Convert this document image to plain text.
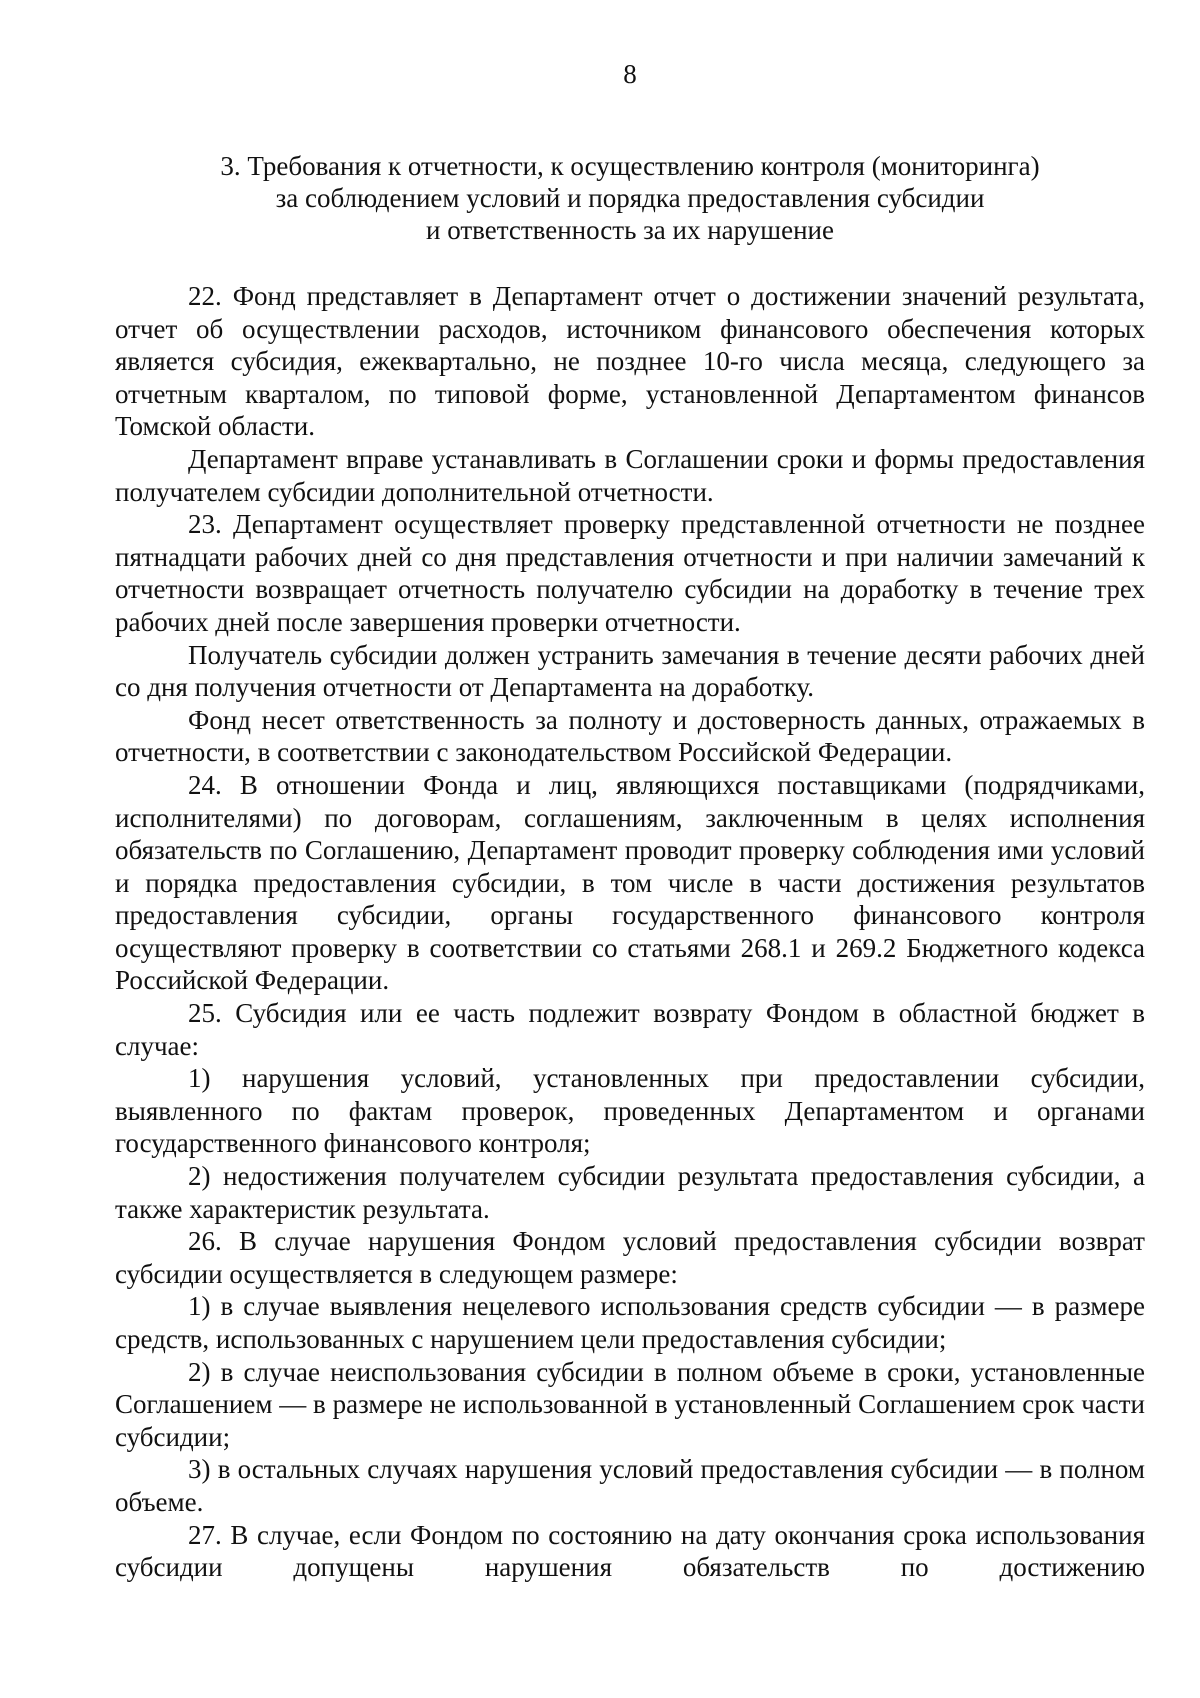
8
3. Требования к отчетности, к осуществлению контроля (мониторинга)
за соблюдением условий и порядка предоставления субсидии
и ответственность за их нарушение

22. Фонд представляет в Департамент отчет о достижении значений результата, отчет об осуществлении расходов, источником финансового обеспечения которых является субсидия, ежеквартально, не позднее 10-го числа месяца, следующего за отчетным кварталом, по типовой форме, установленной Департаментом финансов Томской области.

Департамент вправе устанавливать в Соглашении сроки и формы предоставления получателем субсидии дополнительной отчетности.

23. Департамент осуществляет проверку представленной отчетности не позднее пятнадцати рабочих дней со дня представления отчетности и при наличии замечаний к отчетности возвращает отчетность получателю субсидии на доработку в течение трех рабочих дней после завершения проверки отчетности.

Получатель субсидии должен устранить замечания в течение десяти рабочих дней со дня получения отчетности от Департамента на доработку.

Фонд несет ответственность за полноту и достоверность данных, отражаемых в отчетности, в соответствии с законодательством Российской Федерации.

24. В отношении Фонда и лиц, являющихся поставщиками (подрядчиками, исполнителями) по договорам, соглашениям, заключенным в целях исполнения обязательств по Соглашению, Департамент проводит проверку соблюдения ими условий и порядка предоставления субсидии, в том числе в части достижения результатов предоставления субсидии, органы государственного финансового контроля осуществляют проверку в соответствии со статьями 268.1 и 269.2 Бюджетного кодекса Российской Федерации.

25. Субсидия или ее часть подлежит возврату Фондом в областной бюджет в случае:

1) нарушения условий, установленных при предоставлении субсидии, выявленного по фактам проверок, проведенных Департаментом и органами государственного финансового контроля;

2) недостижения получателем субсидии результата предоставления субсидии, а также характеристик результата.

26. В случае нарушения Фондом условий предоставления субсидии возврат субсидии осуществляется в следующем размере:

1) в случае выявления нецелевого использования средств субсидии — в размере средств, использованных с нарушением цели предоставления субсидии;

2) в случае неиспользования субсидии в полном объеме в сроки, установленные Соглашением — в размере не использованной в установленный Соглашением срок части субсидии;

3) в остальных случаях нарушения условий предоставления субсидии — в полном объеме.

27. В случае, если Фондом по состоянию на дату окончания срока использования субсидии допущены нарушения обязательств по достижению
